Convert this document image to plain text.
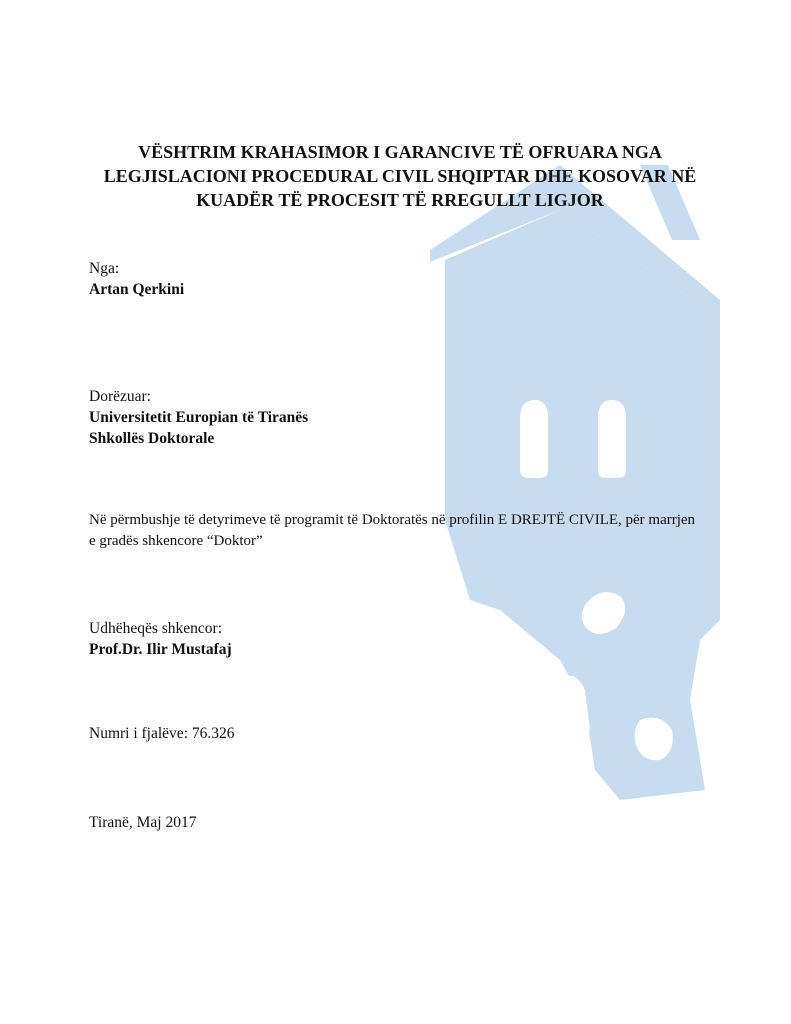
VËSHTRIM KRAHASIMOR I GARANCIVE TË OFRUARA NGA
LEGJISLACIONI PROCEDURAL CIVIL SHQIPTAR DHE KOSOVAR NË
KUADËR TË PROCESIT TË RREGULLT LIGJOR
Nga:
Artan Qerkini
Dorëzuar:
Universitetit Europian të Tiranës
Shkollës Doktorale
Në përmbushje të detyrimeve të programit të Doktoratës në profilin E DREJTË CIVILE, për marrjen
e gradës shkencore “Doktor”
Udhëheqës shkencor:
Prof.Dr. Ilir Mustafaj
Numri i fjalëve: 76.326
Tiranë, Maj 2017
